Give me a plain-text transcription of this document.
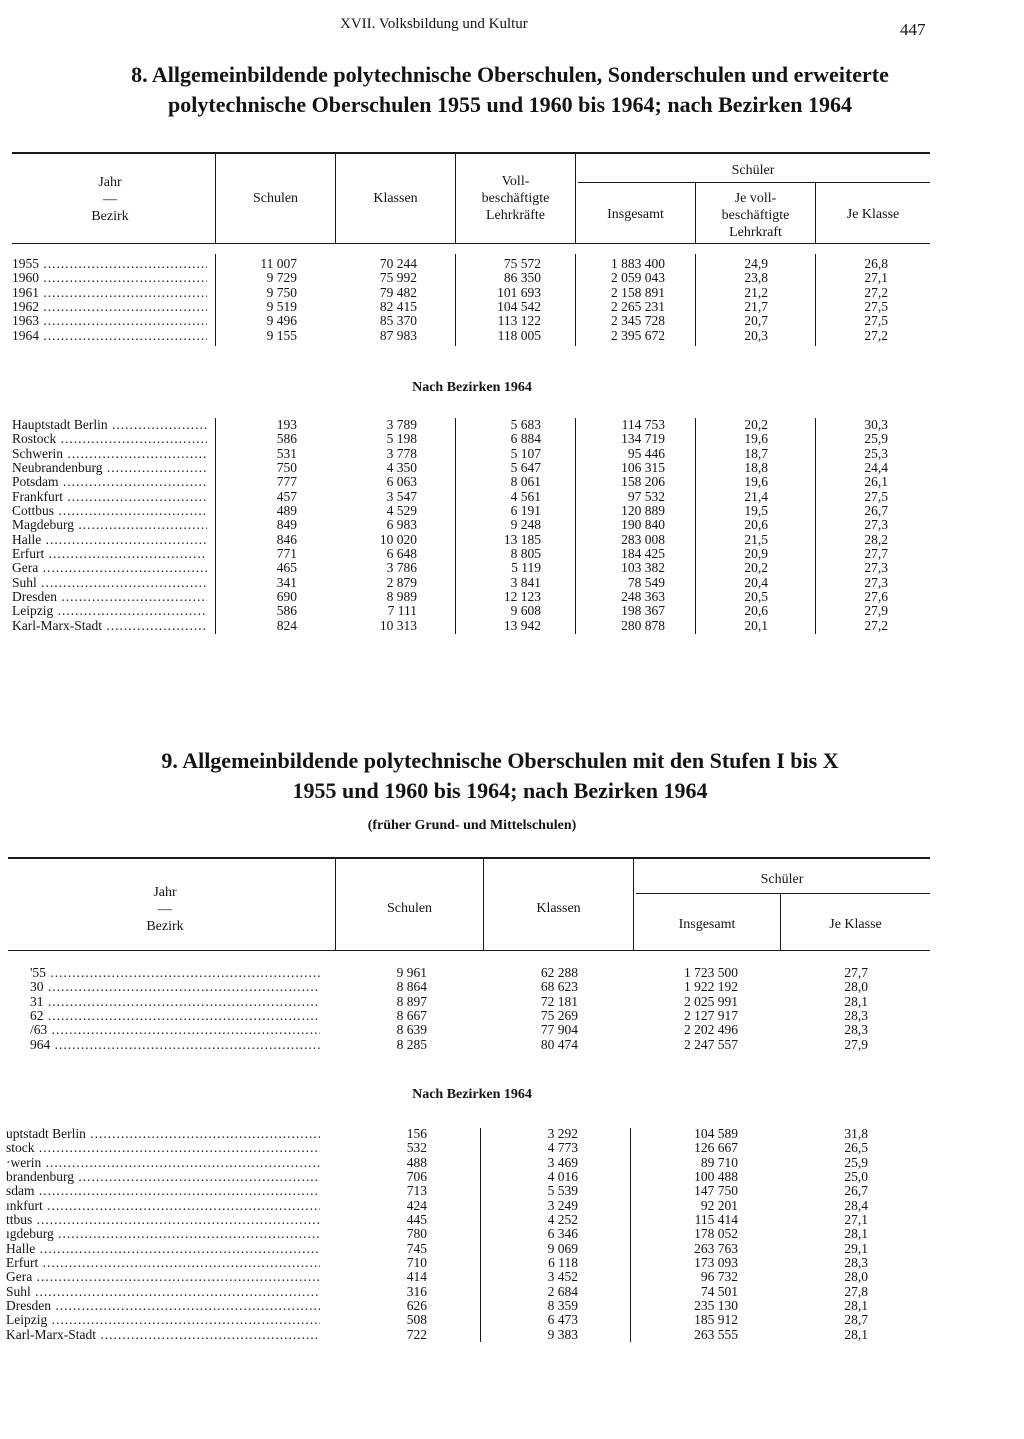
XVII. Volksbildung und Kultur	447
8. Allgemeinbildende polytechnische Oberschulen, Sonderschulen und erweiterte
polytechnische Oberschulen 1955 und 1960 bis 1964; nach Bezirken 1964
Jahr
—
Bezirk
Schulen	Klassen
Voll-
beschäftigte
Lehrkräfte
Schüler
Insgesamt
Je voll-
beschäftigte
Lehrkraft
Je Klasse
1955 .....	11 007	70 244	75 572	1 883 400	24,9	26,8
1960 .....	9 729	75 992	86 350	2 059 043	23,8	27,1
1961 .....	9 750	79 482	101 693	2 158 891	21,2	27,2
1962 .....	9 519	82 415	104 542	2 265 231	21,7	27,5
1963 .....	9 496	85 370	113 122	2 345 728	20,7	27,5
1964 .....	9 155	87 983	118 005	2 395 672	20,3	27,2
Nach Bezirken 1964
Hauptstadt Berlin .....	193	3 789	5 683	114 753	20,2	30,3
Rostock .....	586	5 198	6 884	134 719	19,6	25,9
Schwerin .....	531	3 778	5 107	95 446	18,7	25,3
Neubrandenburg .....	750	4 350	5 647	106 315	18,8	24,4
Potsdam .....	777	6 063	8 061	158 206	19,6	26,1
Frankfurt .....	457	3 547	4 561	97 532	21,4	27,5
Cottbus .....	489	4 529	6 191	120 889	19,5	26,7
Magdeburg .....	849	6 983	9 248	190 840	20,6	27,3
Halle .....	846	10 020	13 185	283 008	21,5	28,2
Erfurt .....	771	6 648	8 805	184 425	20,9	27,7
Gera .....	465	3 786	5 119	103 382	20,2	27,3
Suhl .....	341	2 879	3 841	78 549	20,4	27,3
Dresden .....	690	8 989	12 123	248 363	20,5	27,6
Leipzig .....	586	7 111	9 608	198 367	20,6	27,9
Karl-Marx-Stadt .....	824	10 313	13 942	280 878	20,1	27,2
9. Allgemeinbildende polytechnische Oberschulen mit den Stufen I bis X
1955 und 1960 bis 1964; nach Bezirken 1964
(früher Grund- und Mittelschulen)
Jahr
—
Bezirk
Schulen	Klassen
Schüler
Insgesamt	Je Klasse
'55 .....	9 961	62 288	1 723 500	27,7
30 .....	8 864	68 623	1 922 192	28,0
31 .....	8 897	72 181	2 025 991	28,1
62 .....	8 667	75 269	2 127 917	28,3
/63 .....	8 639	77 904	2 202 496	28,3
964 .....	8 285	80 474	2 247 557	27,9
Nach Bezirken 1964
uptstadt Berlin .....	156	3 292	104 589	31,8
stock .....	532	4 773	126 667	26,5
·werin .....	488	3 469	89 710	25,9
brandenburg .....	706	4 016	100 488	25,0
sdam .....	713	5 539	147 750	26,7
ınkfurt .....	424	3 249	92 201	28,4
ttbus .....	445	4 252	115 414	27,1
ıgdeburg .....	780	6 346	178 052	28,1
Halle .....	745	9 069	263 763	29,1
Erfurt .....	710	6 118	173 093	28,3
Gera .....	414	3 452	96 732	28,0
Suhl .....	316	2 684	74 501	27,8
Dresden .....	626	8 359	235 130	28,1
Leipzig .....	508	6 473	185 912	28,7
Karl-Marx-Stadt .....	722	9 383	263 555	28,1
